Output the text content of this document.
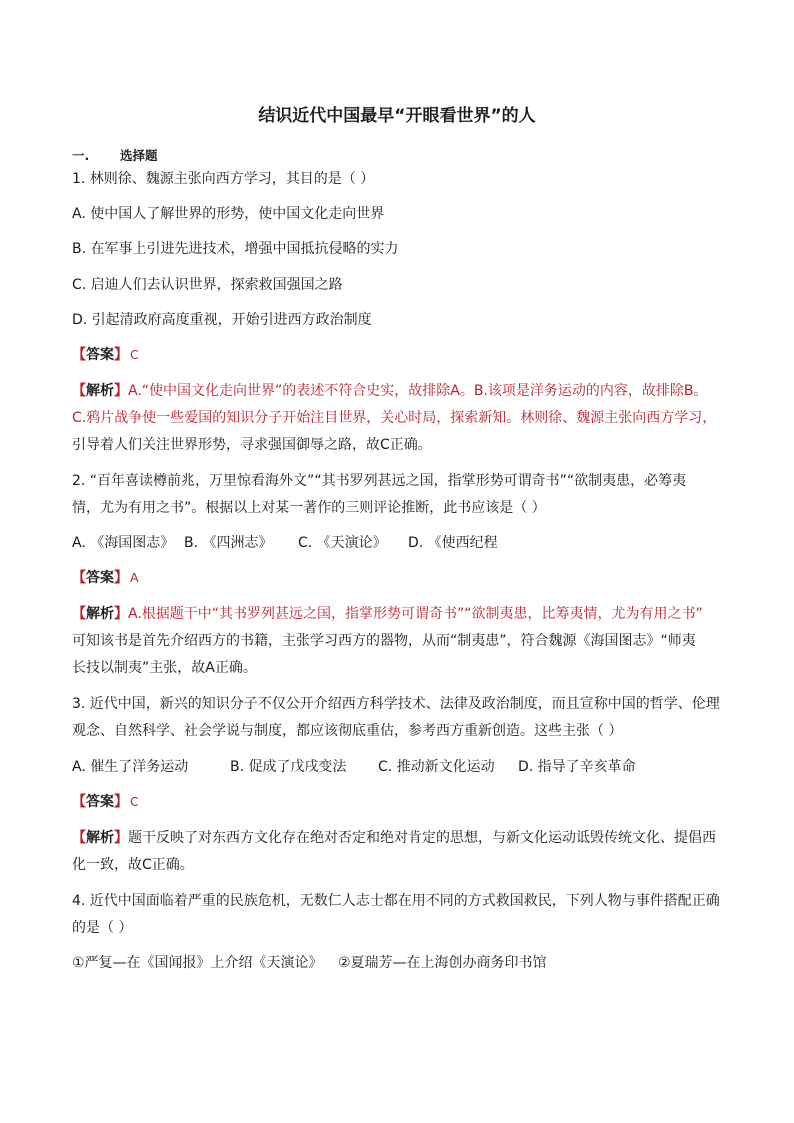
结识近代中国最早“开眼看世界”的人
一. 选择题
1. 林则徐、魏源主张向西方学习，其目的是（ ）
A. 使中国人了解世界的形势，使中国文化走向世界
B. 在军事上引进先进技术，增强中国抵抗侵略的实力
C. 启迪人们去认识世界，探索救国强国之路
D. 引起清政府高度重视，开始引进西方政治制度
【答案】 C
【解析】A.“使中国文化走向世界”的表述不符合史实，故排除A。B.该项是洋务运动的内容，故排除B。
C.鸦片战争使一些爱国的知识分子开始注目世界，关心时局，探索新知。林则徐、魏源主张向西方学习，
引导着人们关注世界形势，寻求强国御辱之路，故C正确。
2. “百年喜读樽前兆，万里惊看海外文”“其书罗列甚远之国，指掌形势可谓奇书”“欲制夷患，必筹夷
情，尤为有用之书”。根据以上对某一著作的三则评论推断，此书应该是（ ）
A. 《海国图志》 B. 《四洲志》 C. 《天演论》 D. 《使西纪程
【答案】 A
【解析】A.根据题干中“其书罗列甚远之国，指掌形势可谓奇书”“欲制夷患，比筹夷情，尤为有用之书”
可知该书是首先介绍西方的书籍，主张学习西方的器物，从而“制夷患”，符合魏源《海国图志》“师夷
长技以制夷”主张，故A正确。
3. 近代中国，新兴的知识分子不仅公开介绍西方科学技术、法律及政治制度，而且宣称中国的哲学、伦理
观念、自然科学、社会学说与制度，都应该彻底重估，参考西方重新创造。这些主张（ ）
A. 催生了洋务运动	B. 促成了戊戌变法 C. 推动新文化运动 D. 指导了辛亥革命
【答案】 C
【解析】题干反映了对东西方文化存在绝对否定和绝对肯定的思想，与新文化运动诋毁传统文化、提倡西
化一致，故C正确。
4. 近代中国面临着严重的民族危机，无数仁人志士都在用不同的方式救国救民，下列人物与事件搭配正确
的是（ ）
①严复—在《国闻报》上介绍《天演论》 ②夏瑞芳—在上海创办商务印书馆
